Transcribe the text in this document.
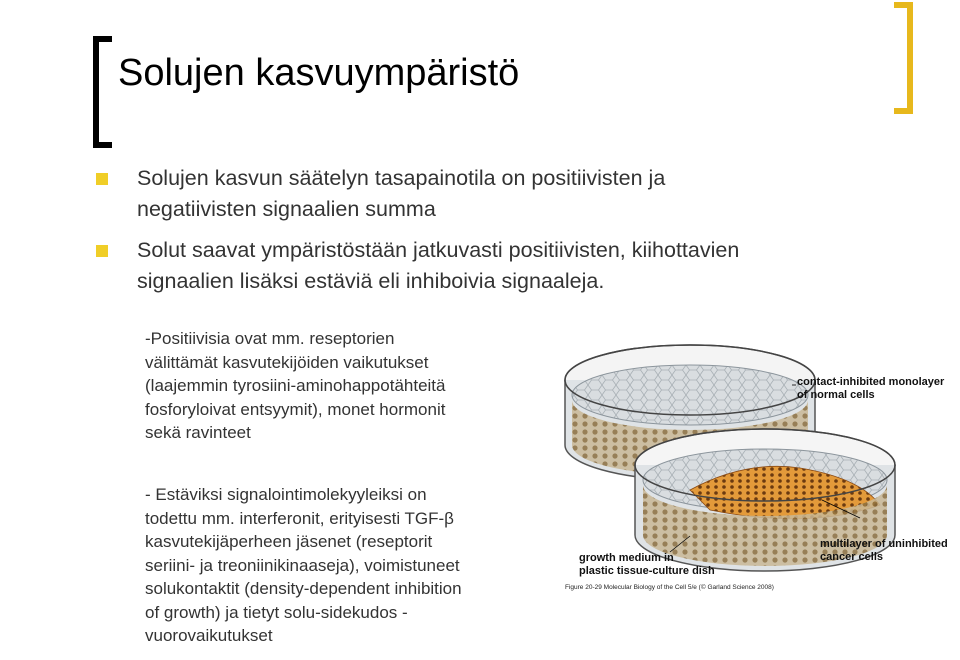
Solujen kasvuympäristö
Solujen kasvun säätelyn tasapainotila on positiivisten ja
negatiivisten signaalien summa
Solut saavat ympäristöstään jatkuvasti positiivisten, kiihottavien
signaalien lisäksi estäviä eli inhiboivia signaaleja.
-Positiivisia ovat mm. reseptorien
välittämät kasvutekijöiden vaikutukset
(laajemmin tyrosiini-aminohappotähteitä
fosforyloivat entsyymit), monet hormonit
sekä ravinteet
- Estäviksi signalointimolekyyleiksi on
todettu mm. interferonit, erityisesti TGF-β
kasvutekijäperheen jäsenet (reseptorit
seriini- ja treoniinikinaaseja), voimistuneet
solukontaktit (density-dependent inhibition
of growth) ja tietyt solu-sidekudos -
vuorovaikutukset
contact-inhibited monolayer
of normal cells
multilayer of uninhibited
cancer cells
growth medium in
plastic tissue-culture dish
Figure 20-29 Molecular Biology of the Cell 5/e (© Garland Science 2008)
